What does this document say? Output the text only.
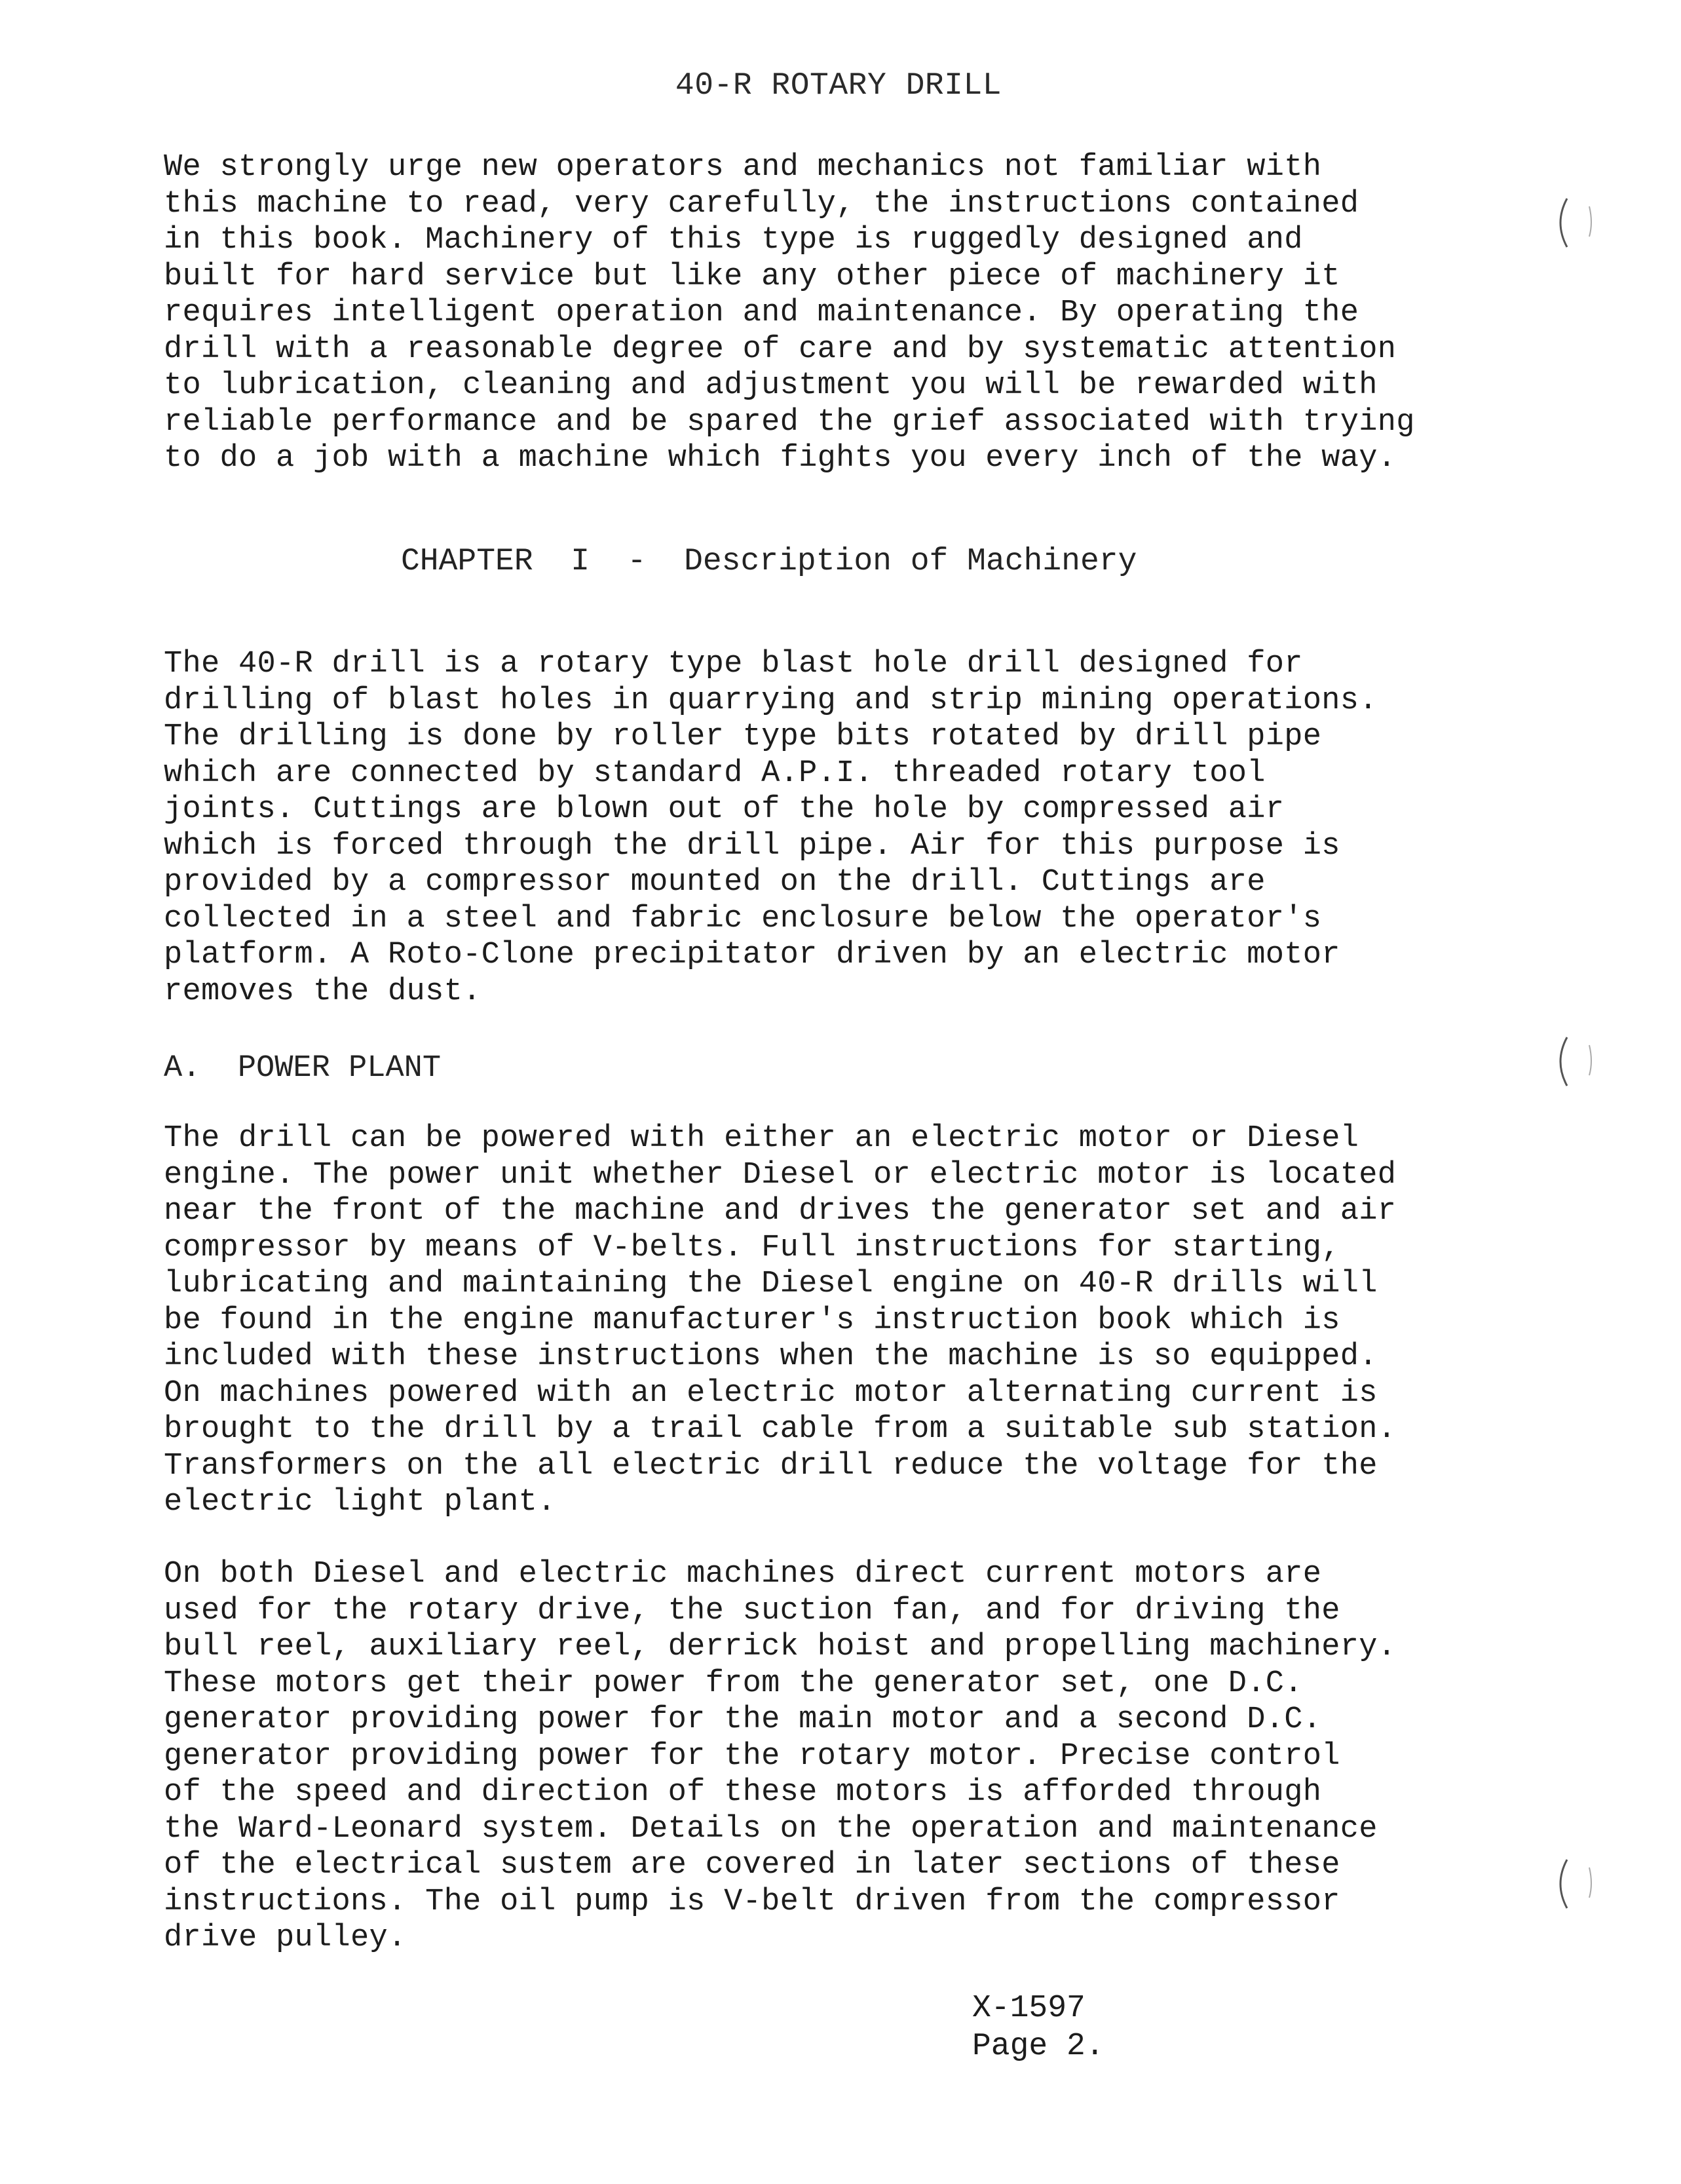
40-R ROTARY DRILL
We strongly urge new operators and mechanics not familiar with
this machine to read, very carefully, the instructions contained
in this book. Machinery of this type is ruggedly designed and
built for hard service but like any other piece of machinery it
requires intelligent operation and maintenance. By operating the
drill with a reasonable degree of care and by systematic attention
to lubrication, cleaning and adjustment you will be rewarded with
reliable performance and be spared the grief associated with trying
to do a job with a machine which fights you every inch of the way.
CHAPTER  I  -  Description of Machinery
The 40-R drill is a rotary type blast hole drill designed for
drilling of blast holes in quarrying and strip mining operations.
The drilling is done by roller type bits rotated by drill pipe
which are connected by standard A.P.I. threaded rotary tool
joints. Cuttings are blown out of the hole by compressed air
which is forced through the drill pipe. Air for this purpose is
provided by a compressor mounted on the drill. Cuttings are
collected in a steel and fabric enclosure below the operator's
platform. A Roto-Clone precipitator driven by an electric motor
removes the dust.
A.  POWER PLANT
The drill can be powered with either an electric motor or Diesel
engine. The power unit whether Diesel or electric motor is located
near the front of the machine and drives the generator set and air
compressor by means of V-belts. Full instructions for starting,
lubricating and maintaining the Diesel engine on 40-R drills will
be found in the engine manufacturer's instruction book which is
included with these instructions when the machine is so equipped.
On machines powered with an electric motor alternating current is
brought to the drill by a trail cable from a suitable sub station.
Transformers on the all electric drill reduce the voltage for the
electric light plant.
On both Diesel and electric machines direct current motors are
used for the rotary drive, the suction fan, and for driving the
bull reel, auxiliary reel, derrick hoist and propelling machinery.
These motors get their power from the generator set, one D.C.
generator providing power for the main motor and a second D.C.
generator providing power for the rotary motor. Precise control
of the speed and direction of these motors is afforded through
the Ward-Leonard system. Details on the operation and maintenance
of the electrical sustem are covered in later sections of these
instructions. The oil pump is V-belt driven from the compressor
drive pulley.
X-1597
Page 2.
